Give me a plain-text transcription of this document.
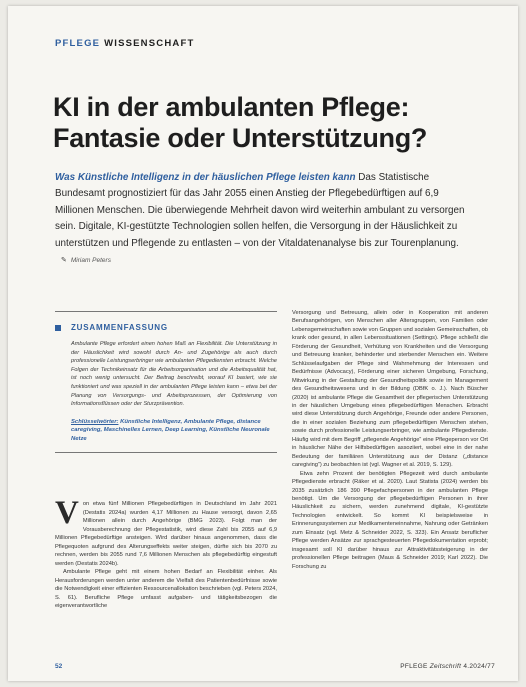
PFLEGE WISSENSCHAFT
KI in der ambulanten Pflege: Fantasie oder Unterstützung?

Was Künstliche Intelligenz in der häuslichen Pflege leisten kann Das Statistische Bundesamt prognostiziert für das Jahr 2055 einen Anstieg der Pflegebedürftigen auf 6,9 Millionen Menschen. Die überwiegende Mehrheit davon wird weiterhin ambulant zu versorgen sein. Digitale, KI-gestützte Technologien sollen helfen, die Versorgung in der Häuslichkeit zu unterstützen und Pflegende zu entlasten – von der Vitaldatenanalyse bis zur Tourenplanung. ✎ Miriam Peters

ZUSAMMENFASSUNG

Ambulante Pflege erfordert einen hohen Maß an Flexibilität. Die Unterstützung in der Häuslichkeit wird sowohl durch An- und Zugehörige als auch durch professionelle Leistungserbringer wie ambulanten Pflegediensten erbracht. Welche Folgen der Technikeinsatz für die Arbeitsorganisation und die Arbeitsqualität hat, ist noch wenig untersucht. Der Beitrag beschreibt, worauf KI basiert, wie sie funktioniert und was speziell in der ambulanten Pflege leisten kann – etwa bei der Planung von Versorgungs- und Arbeitsprozessen, der Optimierung von Informationsflüssen oder der Sturzprävention.

Schlüsselwörter: Künstliche Intelligenz, Ambulante Pflege, distance caregiving, Maschinelles Lernen, Deep Learning, Künstliche Neuronale Netze

V on etwa fünf Millionen Pflegebedürftigen in Deutschland im Jahr 2021 (Destatis 2024a) wurden 4,17 Millionen zu Hause versorgt, davon 2,65 Millionen allein durch Angehörige (BMG 2023). Folgt man der Vorausberechnung der Pflegestatistik, wird diese Zahl bis 2055 auf 6,9 Millionen Pflegebedürftige ansteigen. Wird darüber hinaus angenommen, dass die Pflegequoten aufgrund des Alterungseffekts weiter steigen, dürfte sich bis 2070 zu rechnen, werden bis 2055 rund 7,6 Millionen Menschen als pflegebedürftig eingestuft werden (Destatis 2024b).

Ambulante Pflege geht mit einem hohen Bedarf an Flexibilität einher. Als Herausforderungen werden unter anderem die Vielfalt des Patientenbedürfnisse sowie die Notwendigkeit einer effizienten Ressourcenallokation beschrieben (vgl. Peters 2024, S. 61). Berufliche Pflege umfasst aufgaben- und tätigkeitsbezogen die eigenverantwortliche

Versorgung und Betreuung, allein oder in Kooperation mit anderen Berufsangehörigen, von Menschen aller Altersgruppen, von Familien oder Lebensgemeinschaften sowie von Gruppen und sozialen Gemeinschaften, ob krank oder gesund, in allen Lebenssituationen (Settings). Pflege schließt die Förderung der Gesundheit, Verhütung von Krankheiten und die Versorgung und Betreuung kranker, behinderter und sterbender Menschen ein. Weitere Schlüsselaufgaben der Pflege sind Wahrnehmung der Interessen und Bedürfnisse (Advocacy), Förderung einer sicheren Umgebung, Forschung, Mitwirkung in der Gestaltung der Gesundheitspolitik sowie im Management des Gesundheitswesens und in der Bildung (DBfK o. J.). Nach Büscher (2020) ist ambulante Pflege die Gesamtheit der pflegerischen Unterstützung in der häuslichen Umgebung eines pflegebedürftigen Menschen. Erbracht wird diese Unterstützung durch Angehörige, Freunde oder andere Personen, die in einer sozialen Beziehung zum pflegebedürftigen Menschen stehen, sowie durch professionelle Leistungserbringer, wie ambulante Pflegedienste. Häufig wird mit dem Begriff „pflegende Angehörige“ eine Pflegeperson vor Ort in häuslicher Nähe der Hilfsbedürftigen assoziiert, wobei eine in der nahe Bedeutung der familiären Unterstützung aus der Distanz („distance caregiving“) zu beobachten ist (vgl. Wagner et al. 2019, S. 129).

Etwa zehn Prozent der benötigten Pflegezeit wird durch ambulante Pflegedienste erbracht (Räker et al. 2020). Laut Statista (2024) werden bis 2035 zusätzlich 186 390 Pflegefachpersonen in der ambulanten Pflege benötigt. Um die Versorgung der pflegebedürftigen Personen in ihrer Häuslichkeit zu sichern, werden zunehmend digitale, KI-gestützte Technologien entwickelt. So kommt KI beispielsweise in Erinnerungssystemen zur Medikamenteneinnahme, Nahrung oder Getränken zum Einsatz (vgl. Metz & Schneider 2022, S. 323). Ein Ansatz beruflicher Pflege werden Ansätze zur sprachgesteuerten Pflegedokumentation erprobt; insgesamt soll KI darüber hinaus zur Attraktivitätssteigerung in der professionellen Pflege beitragen (Maus & Schneider 2019; Karl 2022). Die Forschung zu

52	PFLEGE Zeitschrift 4.2024/77
